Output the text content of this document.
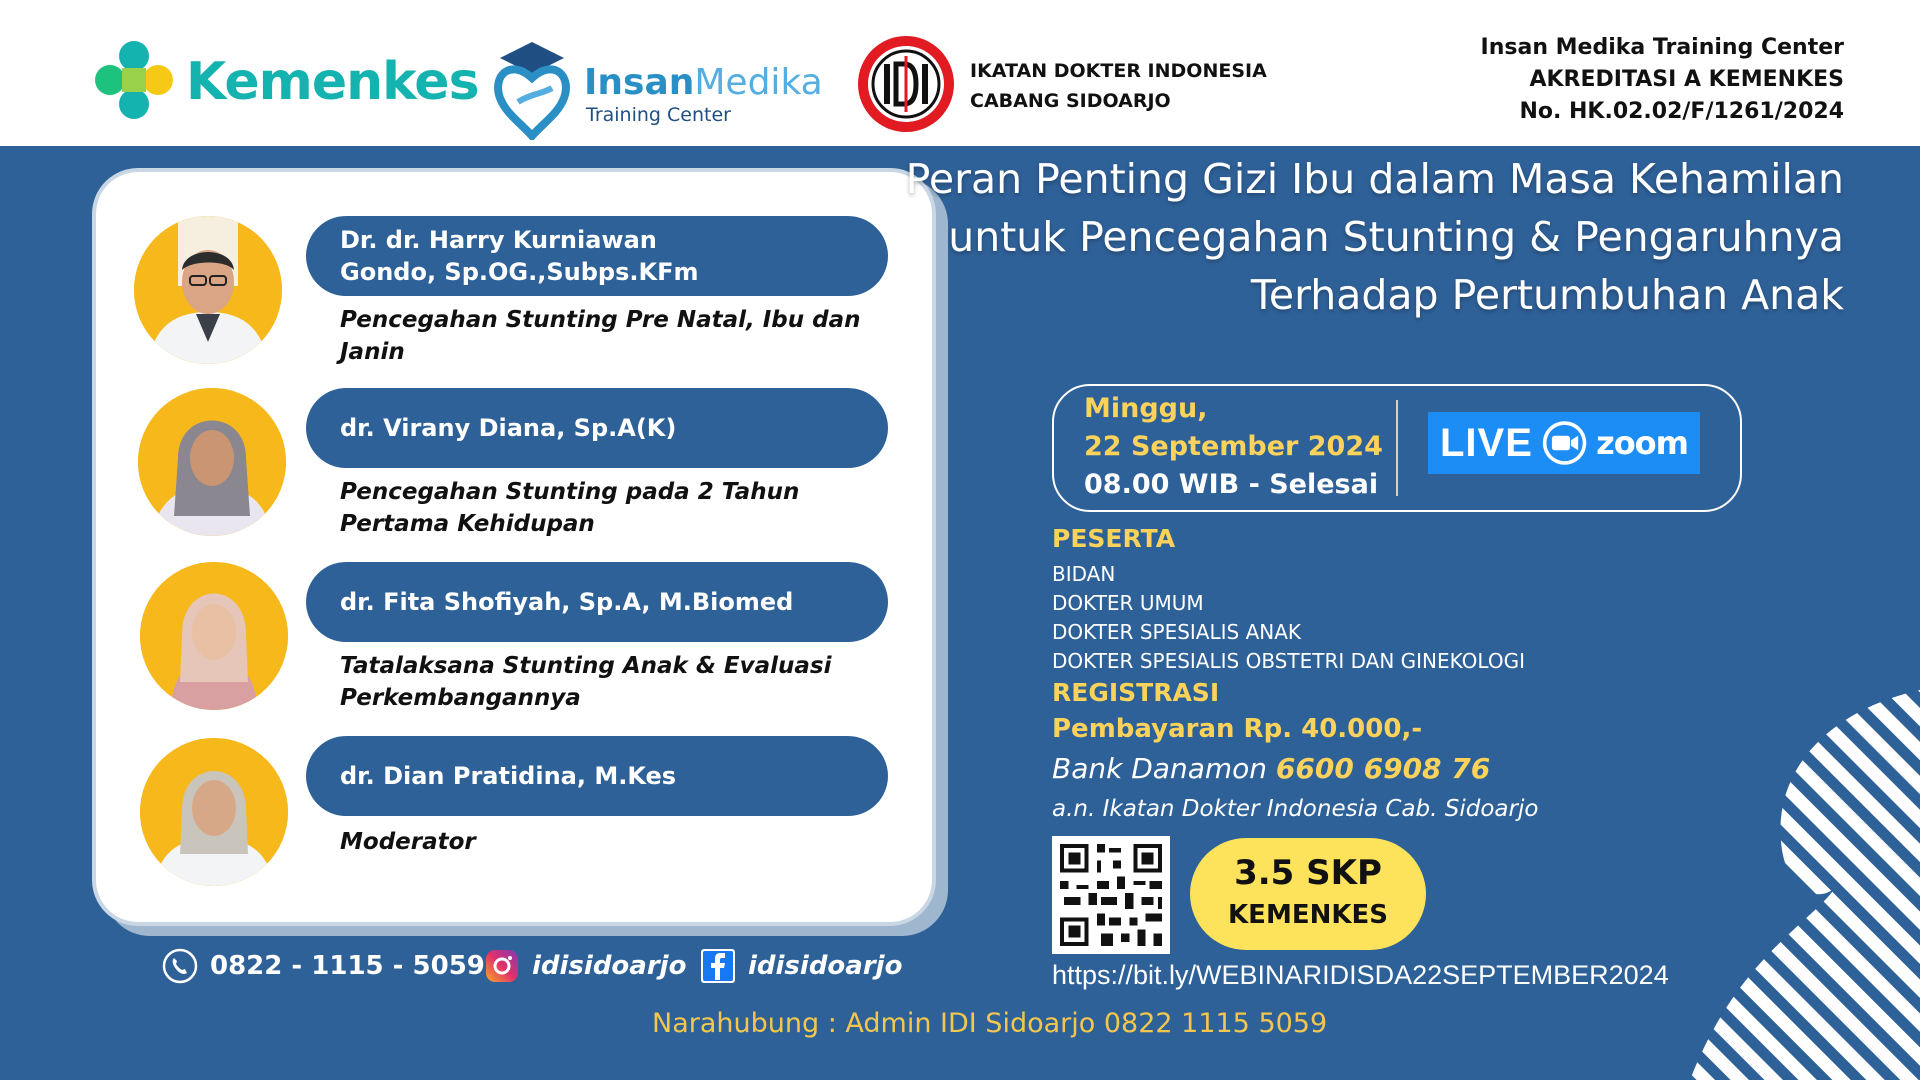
Kemenkes	InsanMedika
Training Center
IKATAN DOKTER INDONESIA
CABANG SIDOARJO
Insan Medika Training Center
AKREDITASI A KEMENKES
No. HK.02.02/F/1261/2024
Dr. dr. Harry Kurniawan
Gondo, Sp.OG.,Subps.KFm
Pencegahan Stunting Pre Natal, Ibu dan
Janin
dr. Virany Diana, Sp.A(K)
Pencegahan Stunting pada 2 Tahun
Pertama Kehidupan
dr. Fita Shofiyah, Sp.A, M.Biomed
Tatalaksana Stunting Anak & Evaluasi
Perkembangannya
dr. Dian Pratidina, M.Kes
Moderator
Peran Penting Gizi Ibu dalam Masa Kehamilan untuk Pencegahan Stunting & Pengaruhnya Terhadap Pertumbuhan Anak
Minggu,
22 September 2024
08.00 WIB - Selesai
LIVE zoom
PESERTA
BIDAN
DOKTER UMUM
DOKTER SPESIALIS ANAK
DOKTER SPESIALIS OBSTETRI DAN GINEKOLOGI
REGISTRASI
Pembayaran Rp. 40.000,-
Bank Danamon 6600 6908 76
a.n. Ikatan Dokter Indonesia Cab. Sidoarjo
3.5 SKP
KEMENKES
https://bit.ly/WEBINARIDISDA22SEPTEMBER2024
0822 - 1115 - 5059 idisidoarjo idisidoarjo
Narahubung : Admin IDI Sidoarjo 0822 1115 5059
